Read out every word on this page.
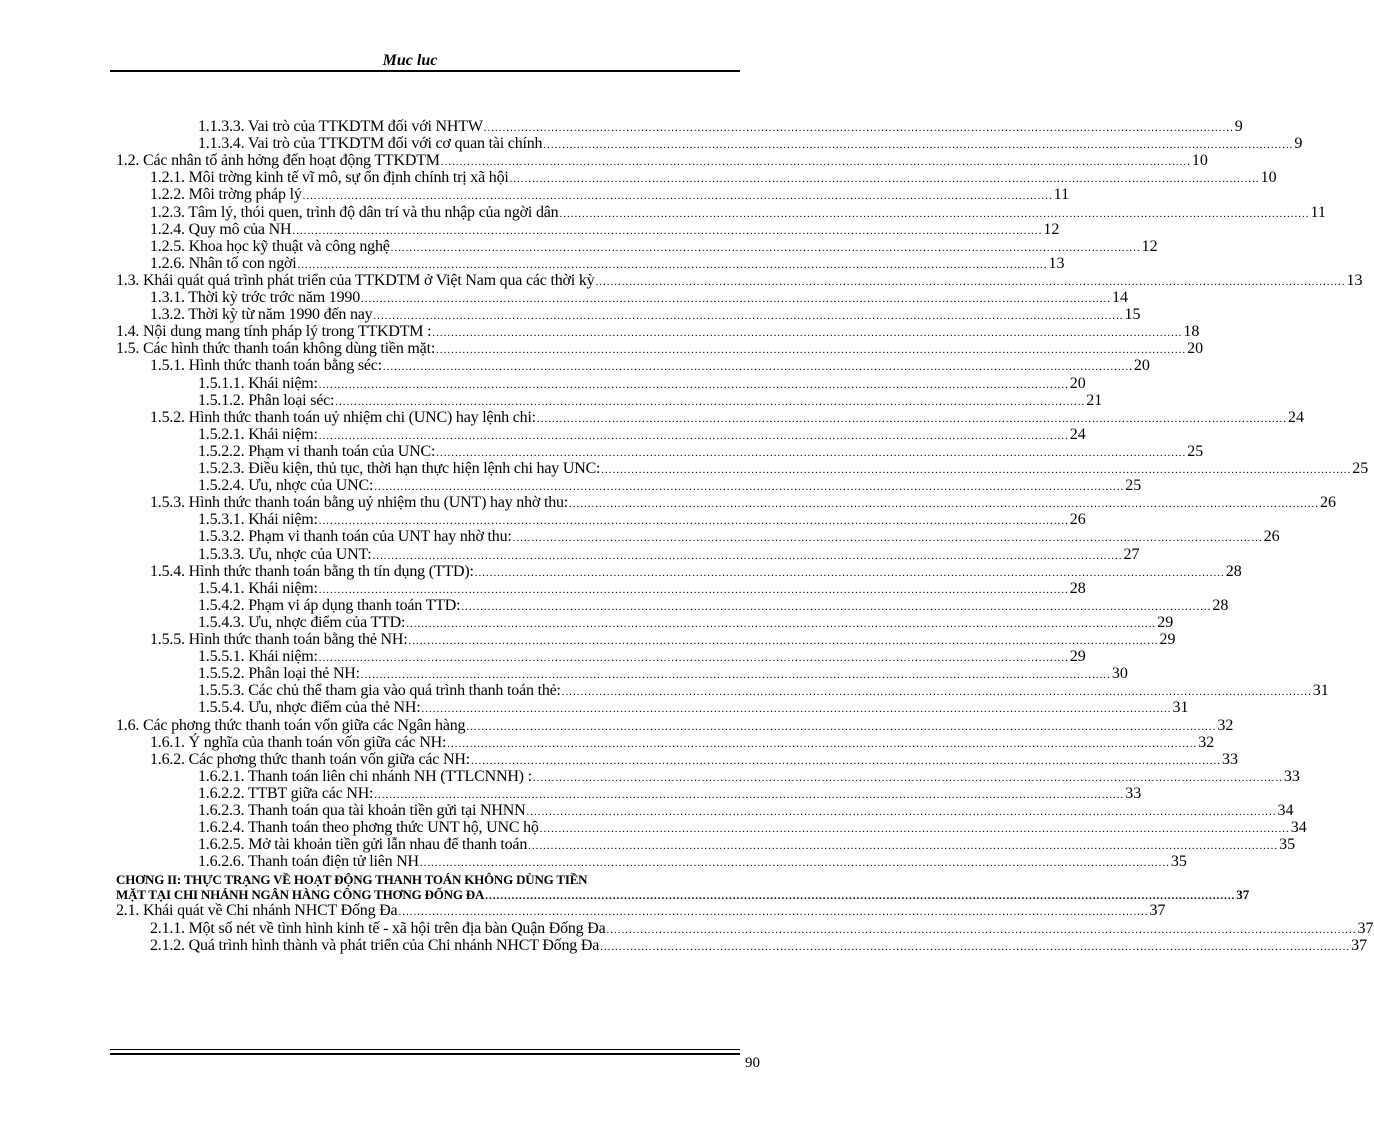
Muc luc
1.1.3.3. Vai trò của TTKDTM đối với NHTW ........................................................................................................................................................................................................ 9
1.1.3.4. Vai trò của TTKDTM đối với cơ quan tài chính ........................................................................................................................................................................................................ 9
1.2. Các nhân tố ảnh hởng đến hoạt động TTKDTM ........................................................................................................................................................................................................ 10
1.2.1. Môi trờng kinh tế vĩ mô, sự ổn định chính trị xã hội ........................................................................................................................................................................................................ 10
1.2.2. Môi trờng pháp lý ........................................................................................................................................................................................................ 11
1.2.3. Tâm lý, thói quen, trình độ dân trí và thu nhập của ngời dân ........................................................................................................................................................................................................ 11
1.2.4. Quy mô của NH ........................................................................................................................................................................................................ 12
1.2.5. Khoa học kỹ thuật và công nghệ ........................................................................................................................................................................................................ 12
1.2.6. Nhân tố con ngời ........................................................................................................................................................................................................ 13
1.3. Khái quát quá trình phát triển của TTKDTM ở Việt Nam qua các thời kỳ ........................................................................................................................................................................................................ 13
1.3.1. Thời kỳ trớc trớc năm 1990 ........................................................................................................................................................................................................ 14
1.3.2. Thời kỳ từ năm 1990 đến nay ........................................................................................................................................................................................................ 15
1.4. Nội dung mang tính pháp lý trong TTKDTM : ........................................................................................................................................................................................................ 18
1.5. Các hình thức thanh toán không dùng tiền mặt: ........................................................................................................................................................................................................ 20
1.5.1. Hình thức thanh toán bằng séc: ........................................................................................................................................................................................................ 20
1.5.1.1. Khái niệm: ........................................................................................................................................................................................................ 20
1.5.1.2. Phân loại séc: ........................................................................................................................................................................................................ 21
1.5.2. Hình thức thanh toán uỷ nhiệm chi (UNC) hay lệnh chi: ........................................................................................................................................................................................................ 24
1.5.2.1. Khái niệm: ........................................................................................................................................................................................................ 24
1.5.2.2. Phạm vi thanh toán của UNC: ........................................................................................................................................................................................................ 25
1.5.2.3. Điều kiện, thủ tục, thời hạn thực hiện lệnh chi hay UNC: ........................................................................................................................................................................................................ 25
1.5.2.4. Ưu, nhợc của UNC: ........................................................................................................................................................................................................ 25
1.5.3. Hình thức thanh toán bằng uỷ nhiệm thu (UNT) hay nhờ thu: ........................................................................................................................................................................................................ 26
1.5.3.1. Khái niệm: ........................................................................................................................................................................................................ 26
1.5.3.2. Phạm vi thanh toán của UNT hay nhờ thu: ........................................................................................................................................................................................................ 26
1.5.3.3. Ưu, nhợc của UNT: ........................................................................................................................................................................................................ 27
1.5.4. Hình thức thanh toán bằng th tín dụng (TTD): ........................................................................................................................................................................................................ 28
1.5.4.1. Khái niệm: ........................................................................................................................................................................................................ 28
1.5.4.2. Phạm vi áp dụng thanh toán TTD: ........................................................................................................................................................................................................ 28
1.5.4.3. Ưu, nhợc điểm của TTD: ........................................................................................................................................................................................................ 29
1.5.5. Hình thức thanh toán bằng thẻ NH: ........................................................................................................................................................................................................ 29
1.5.5.1. Khái niệm: ........................................................................................................................................................................................................ 29
1.5.5.2. Phân loại thẻ NH: ........................................................................................................................................................................................................ 30
1.5.5.3. Các chủ thể tham gia vào quá trình thanh toán thẻ: ........................................................................................................................................................................................................ 31
1.5.5.4. Ưu, nhợc điểm của thẻ NH: ........................................................................................................................................................................................................ 31
1.6. Các phơng thức thanh toán vốn giữa các Ngân hàng ........................................................................................................................................................................................................ 32
1.6.1. Ý nghĩa của thanh toán vốn giữa các NH: ........................................................................................................................................................................................................ 32
1.6.2. Các phơng thức thanh toán vốn giữa các NH: ........................................................................................................................................................................................................ 33
1.6.2.1. Thanh toán liên chi nhánh NH (TTLCNNH) : ........................................................................................................................................................................................................ 33
1.6.2.2. TTBT giữa các NH: ........................................................................................................................................................................................................ 33
1.6.2.3. Thanh toán qua tài khoản tiền gửi tại NHNN ........................................................................................................................................................................................................ 34
1.6.2.4. Thanh toán theo phơng thức UNT hộ, UNC hộ ........................................................................................................................................................................................................ 34
1.6.2.5. Mở tài khoản tiền gửi lẫn nhau để thanh toán ........................................................................................................................................................................................................ 35
1.6.2.6. Thanh toán điện tử liên NH ........................................................................................................................................................................................................ 35
CHƠNG II: THỰC TRẠNG VỀ HOẠT ĐỘNG THANH TOÁN KHÔNG DÙNG TIỀN
MẶT TẠI CHI NHÁNH NGÂN HÀNG CÔNG THƠNG ĐỐNG ĐA ........................................................................................................................................................................................................ 37
2.1. Khái quát về Chi nhánh NHCT Đống Đa ........................................................................................................................................................................................................ 37
2.1.1. Một số nét về tình hình kinh tế - xã hội trên địa bàn Quận Đống Đa ........................................................................................................................................................................................................ 37
2.1.2. Quá trình hình thành và phát triển của Chi nhánh NHCT Đống Đa ........................................................................................................................................................................................................ 37
90
